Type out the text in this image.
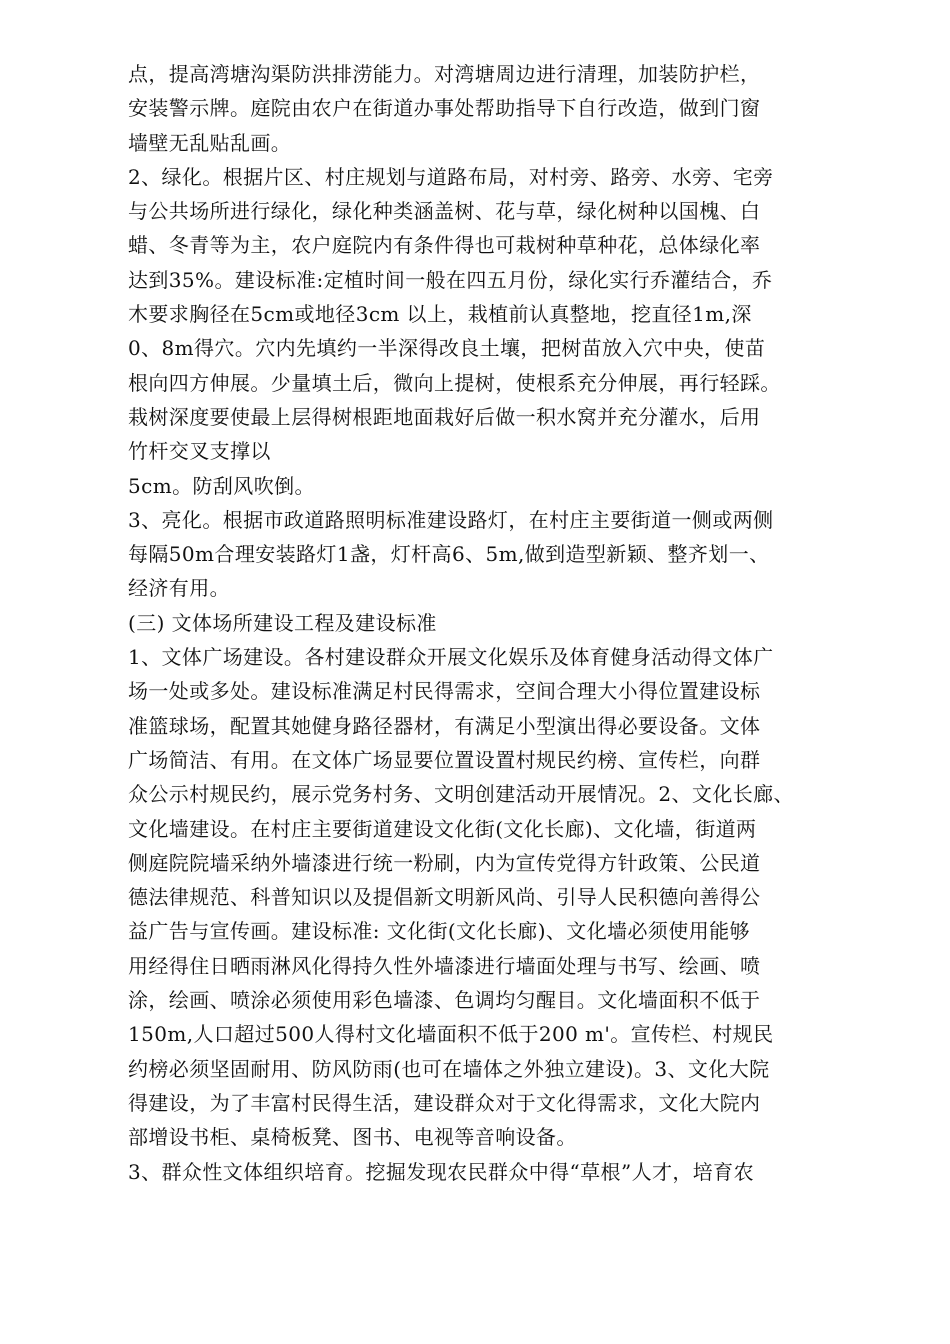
点，提高湾塘沟渠防洪排涝能力。对湾塘周边进行清理，加装防护栏，
安装警示牌。庭院由农户在街道办事处帮助指导下自行改造，做到门窗
墙壁无乱贴乱画。
2、绿化。根据片区、村庄规划与道路布局，对村旁、路旁、水旁、宅旁
与公共场所进行绿化，绿化种类涵盖树、花与草，绿化树种以国槐、白
蜡、冬青等为主，农户庭院内有条件得也可栽树种草种花，总体绿化率
达到35%。建设标准:定植时间一般在四五月份，绿化实行乔灌结合，乔
木要求胸径在5cm或地径3cm 以上，栽植前认真整地，挖直径1m,深
0、8m得穴。穴内先填约一半深得改良土壤，把树苗放入穴中央，使苗
根向四方伸展。少量填土后，微向上提树，使根系充分伸展，再行轻踩。
栽树深度要使最上层得树根距地面栽好后做一积水窝并充分灌水，后用
竹杆交叉支撑以
5cm。防刮风吹倒。
3、亮化。根据市政道路照明标准建设路灯，在村庄主要街道一侧或两侧
每隔50m合理安装路灯1盏，灯杆高6、5m,做到造型新颖、整齐划一、
经济有用。
(三) 文体场所建设工程及建设标准
1、文体广场建设。各村建设群众开展文化娱乐及体育健身活动得文体广
场一处或多处。建设标准满足村民得需求，空间合理大小得位置建设标
准篮球场，配置其她健身路径器材，有满足小型演出得必要设备。文体
广场简洁、有用。在文体广场显要位置设置村规民约榜、宣传栏，向群
众公示村规民约，展示党务村务、文明创建活动开展情况。2、文化长廊、
文化墙建设。在村庄主要街道建设文化街(文化长廊)、文化墙，街道两
侧庭院院墙采纳外墙漆进行统一粉刷，内为宣传党得方针政策、公民道
德法律规范、科普知识以及提倡新文明新风尚、引导人民积德向善得公
益广告与宣传画。建设标准: 文化街(文化长廊)、文化墙必须使用能够
用经得住日晒雨淋风化得持久性外墙漆进行墙面处理与书写、绘画、喷
涂，绘画、喷涂必须使用彩色墙漆、色调均匀醒目。文化墙面积不低于
150m,人口超过500人得村文化墙面积不低于200 m'。宣传栏、村规民
约榜必须坚固耐用、防风防雨(也可在墙体之外独立建设)。3、文化大院
得建设，为了丰富村民得生活，建设群众对于文化得需求，文化大院内
部增设书柜、桌椅板凳、图书、电视等音响设备。
3、群众性文体组织培育。挖掘发现农民群众中得“草根”人才，培育农
